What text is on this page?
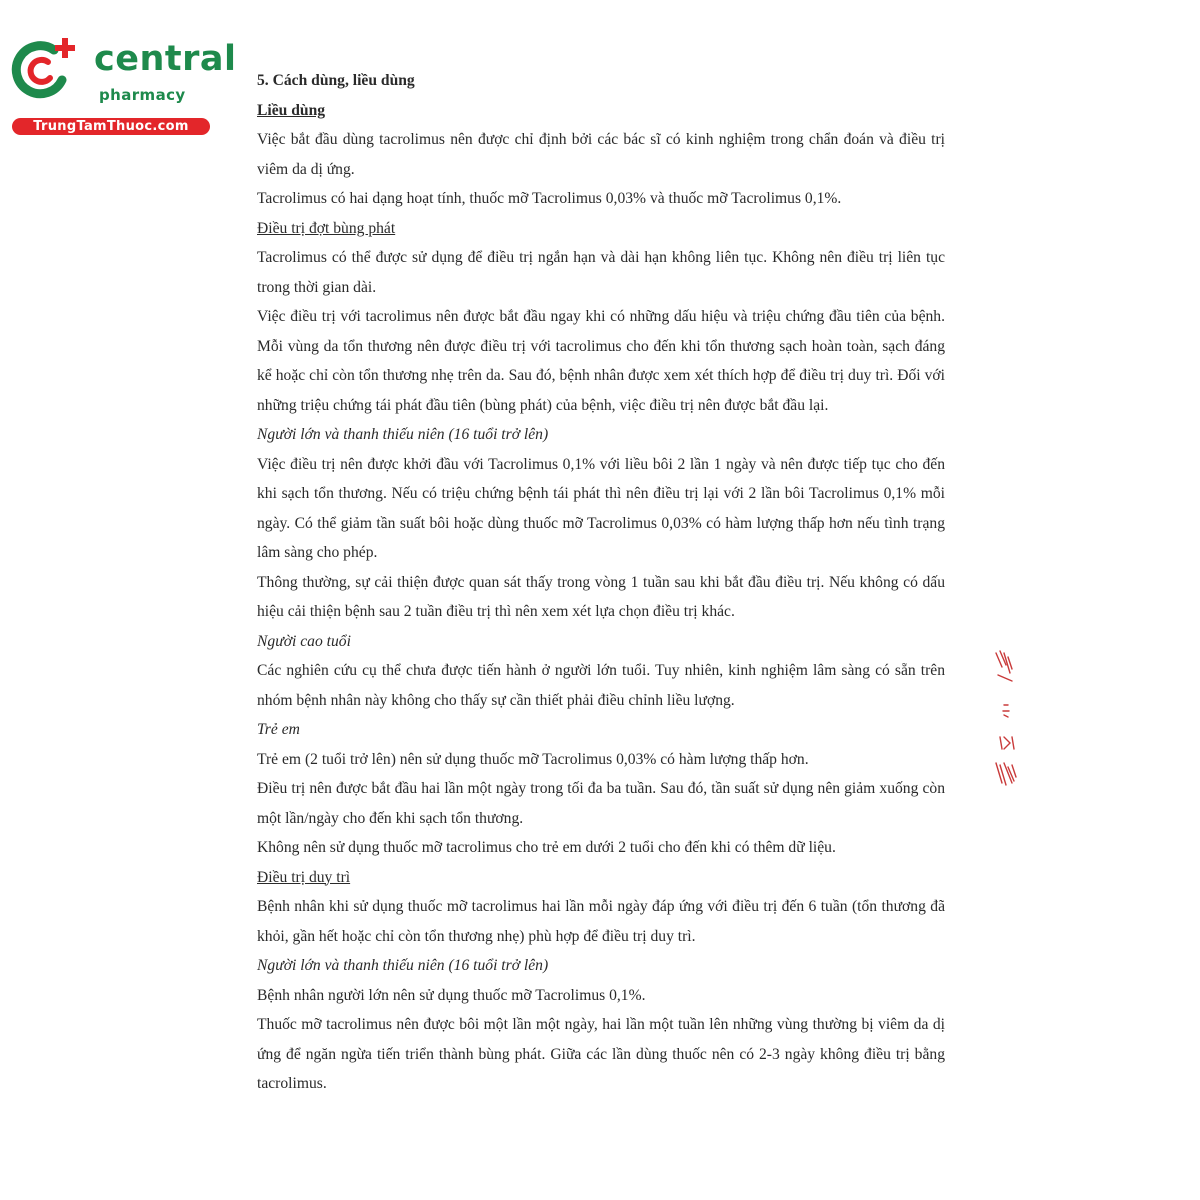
central
pharmacy
TrungTamThuoc.com

5. Cách dùng, liều dùng

Liều dùng

Việc bắt đầu dùng tacrolimus nên được chỉ định bởi các bác sĩ có kinh nghiệm trong chẩn đoán và điều trị viêm da dị ứng.

Tacrolimus có hai dạng hoạt tính, thuốc mỡ Tacrolimus 0,03% và thuốc mỡ Tacrolimus 0,1%.

Điều trị đợt bùng phát

Tacrolimus có thể được sử dụng để điều trị ngắn hạn và dài hạn không liên tục. Không nên điều trị liên tục trong thời gian dài.

Việc điều trị với tacrolimus nên được bắt đầu ngay khi có những dấu hiệu và triệu chứng đầu tiên của bệnh. Mỗi vùng da tổn thương nên được điều trị với tacrolimus cho đến khi tổn thương sạch hoàn toàn, sạch đáng kể hoặc chỉ còn tổn thương nhẹ trên da. Sau đó, bệnh nhân được xem xét thích hợp để điều trị duy trì. Đối với những triệu chứng tái phát đầu tiên (bùng phát) của bệnh, việc điều trị nên được bắt đầu lại.

Người lớn và thanh thiếu niên (16 tuổi trở lên)

Việc điều trị nên được khởi đầu với Tacrolimus 0,1% với liều bôi 2 lần 1 ngày và nên được tiếp tục cho đến khi sạch tổn thương. Nếu có triệu chứng bệnh tái phát thì nên điều trị lại với 2 lần bôi Tacrolimus 0,1% mỗi ngày. Có thể giảm tần suất bôi hoặc dùng thuốc mỡ Tacrolimus 0,03% có hàm lượng thấp hơn nếu tình trạng lâm sàng cho phép.

Thông thường, sự cải thiện được quan sát thấy trong vòng 1 tuần sau khi bắt đầu điều trị. Nếu không có dấu hiệu cải thiện bệnh sau 2 tuần điều trị thì nên xem xét lựa chọn điều trị khác.

Người cao tuổi

Các nghiên cứu cụ thể chưa được tiến hành ở người lớn tuổi. Tuy nhiên, kinh nghiệm lâm sàng có sẵn trên nhóm bệnh nhân này không cho thấy sự cần thiết phải điều chỉnh liều lượng.

Trẻ em

Trẻ em (2 tuổi trở lên) nên sử dụng thuốc mỡ Tacrolimus 0,03% có hàm lượng thấp hơn.

Điều trị nên được bắt đầu hai lần một ngày trong tối đa ba tuần. Sau đó, tần suất sử dụng nên giảm xuống còn một lần/ngày cho đến khi sạch tổn thương.

Không nên sử dụng thuốc mỡ tacrolimus cho trẻ em dưới 2 tuổi cho đến khi có thêm dữ liệu.

Điều trị duy trì

Bệnh nhân khi sử dụng thuốc mỡ tacrolimus hai lần mỗi ngày đáp ứng với điều trị đến 6 tuần (tổn thương đã khỏi, gần hết hoặc chỉ còn tổn thương nhẹ) phù hợp để điều trị duy trì.

Người lớn và thanh thiếu niên (16 tuổi trở lên)

Bệnh nhân người lớn nên sử dụng thuốc mỡ Tacrolimus 0,1%.

Thuốc mỡ tacrolimus nên được bôi một lần một ngày, hai lần một tuần lên những vùng thường bị viêm da dị ứng để ngăn ngừa tiến triển thành bùng phát. Giữa các lần dùng thuốc nên có 2-3 ngày không điều trị bằng tacrolimus.
